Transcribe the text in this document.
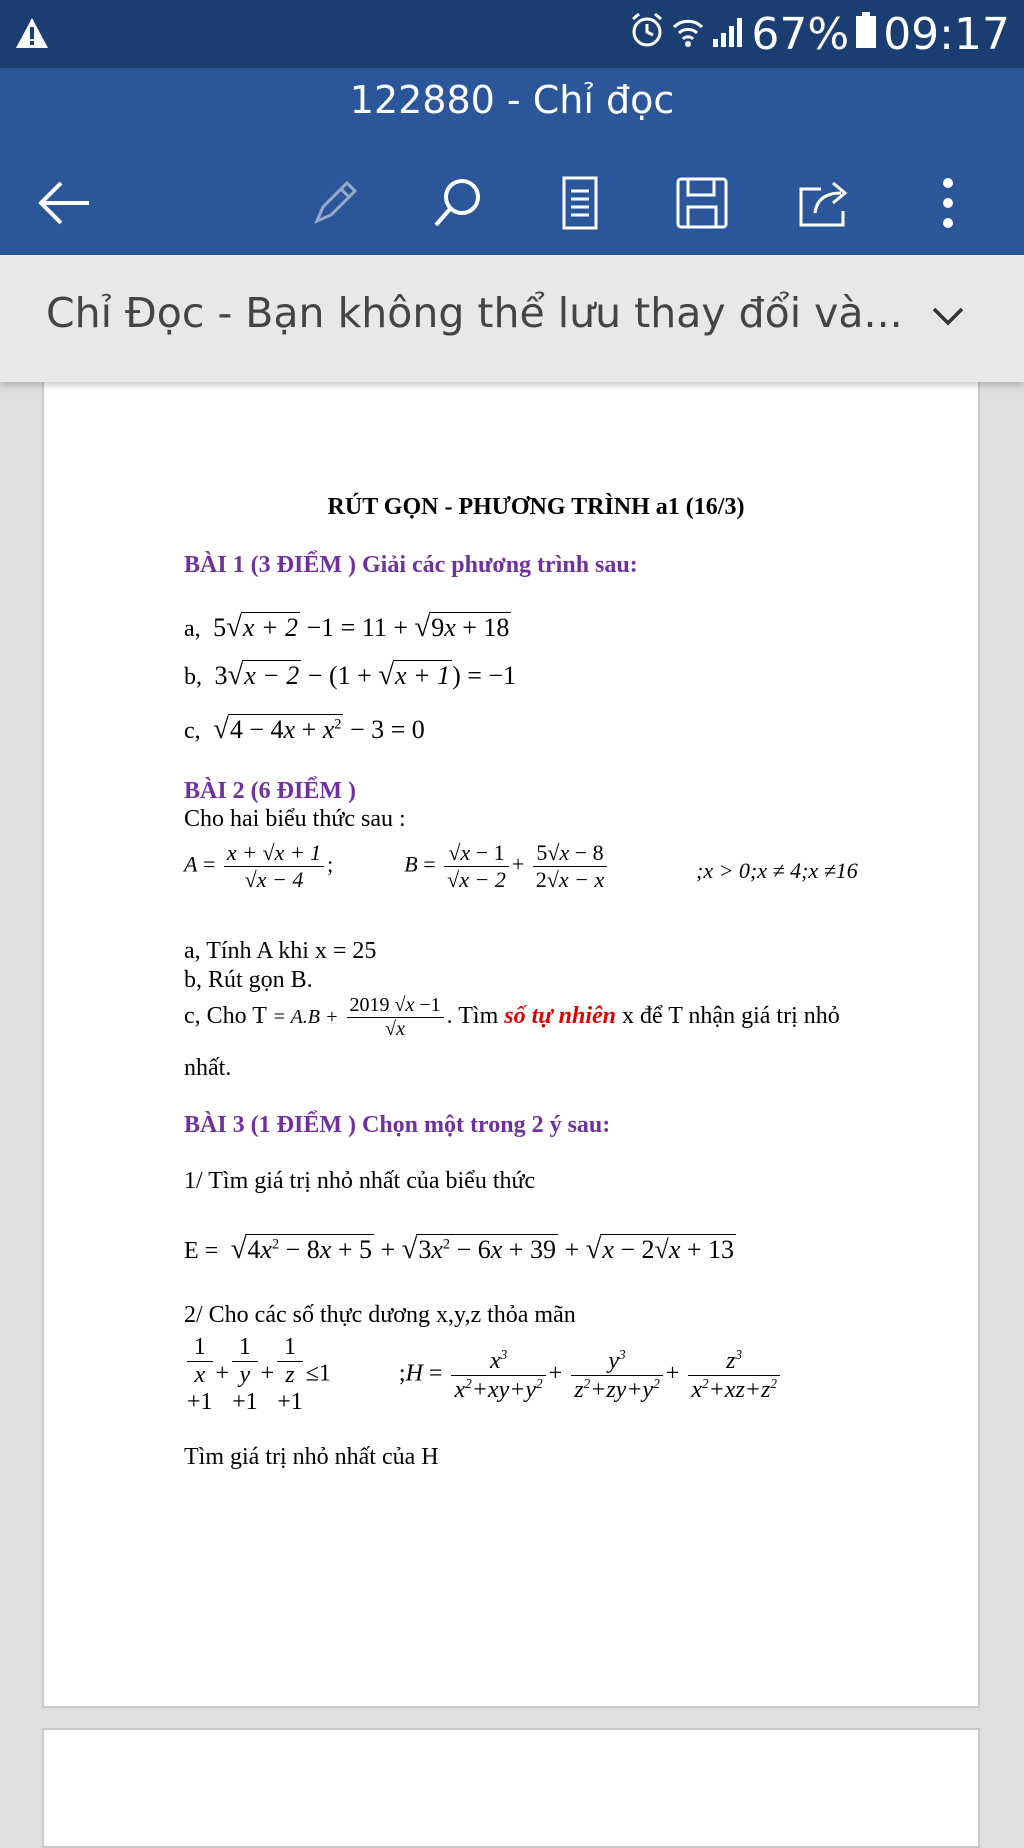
67% 09:17
122880 - Chỉ đọc
Chỉ Đọc - Bạn không thể lưu thay đổi và...
RÚT GỌN - PHƯƠNG TRÌNH a1 (16/3)
BÀI 1 (3 ĐIỂM ) Giải các phương trình sau:
a,  5√x + 2 −1 = 11 + √9x + 18
b,  3√x − 2 − (1 + √x + 1) = −1
c, $√4 - 4x + x^2 - 3 = 0$
BÀI 2 (6 ĐIỂM )
Cho hai biểu thức sau :
$A = \frac{x + √x + 1}{√x - 4}$ ;	$B = \frac{√x - 1}{√x - 2} + \frac{5√x - 8}{2√x - x}$	;x > 0;x ≠ 4;x ≠16
a, Tính A khi x = 25
b, Rút gọn B.
c, Cho $T = A.B + \frac{2019 √x -1}{√x}$ . Tìm số tự nhiên x để T nhận giá trị nhỏ
nhất.
BÀI 3 (1 ĐIỂM ) Chọn một trong 2 ý sau:
1/ Tìm giá trị nhỏ nhất của biểu thức
$E = √4x^2 - 8x + 5 + √3x^2 - 6x + 39 + √x - 2√x + 13$
2/ Cho các số thực dương x,y,z thỏa mãn
1
x
+1+
1
y
+1+
1
z
+1≤1  ;H = $\frac{x^3}{x^2+xy+y^2} + \frac{y^3}{z^2+zy+y^2} + \frac{z^3}{x^2+xz+z^2}$
Tìm giá trị nhỏ nhất của H
